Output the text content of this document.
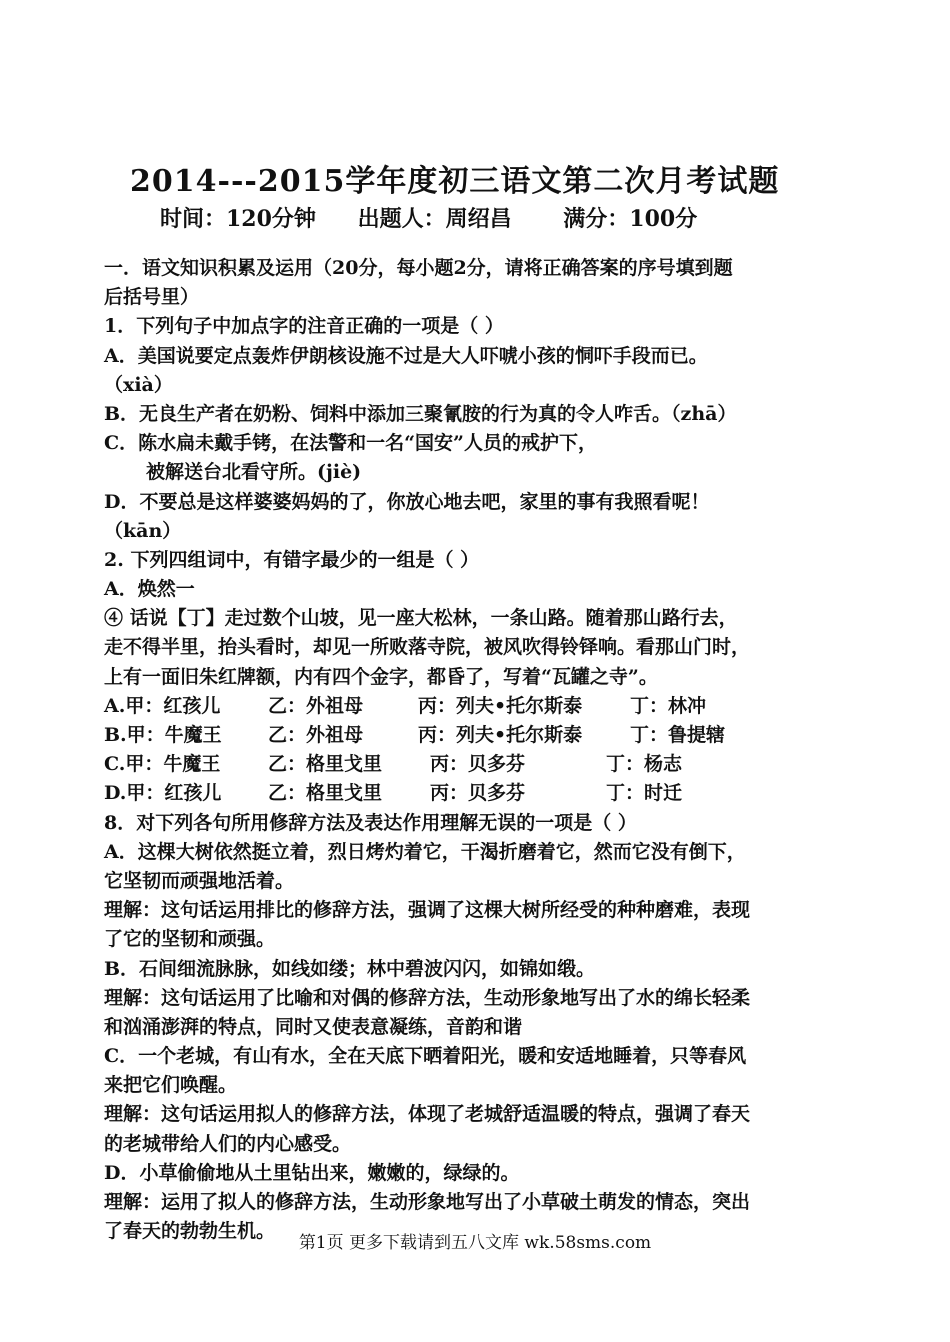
2014---2015学年度初三语文第二次月考试题
时间：120分钟 出题人：周绍昌 满分：100分
一．语文知识积累及运用（20分，每小题2分，请将正确答案的序号填到题
后括号里）
1．下列句子中加点字的注音正确的一项是（ ）
A．美国说要定点轰炸伊朗核设施不过是大人吓唬小孩的恫吓手段而已。
（xià）
B．无良生产者在奶粉、饲料中添加三聚氰胺的行为真的令人咋舌。（zhā）
C．陈水扁未戴手铐，在法警和一名“国安”人员的戒护下，
被解送台北看守所。(jiè)
D．不要总是这样婆婆妈妈的了，你放心地去吧，家里的事有我照看呢！
（kān）
2. 下列四组词中，有错字最少的一组是（ ）
A．焕然一
④ 话说【丁】走过数个山坡，见一座大松林，一条山路。随着那山路行去，
走不得半里，抬头看时，却见一所败落寺院，被风吹得铃铎响。看那山门时，
上有一面旧朱红牌额，内有四个金字，都昏了，写着“瓦罐之寺”。
A.甲：红孩儿	乙：外祖母	丙：列夫•托尔斯泰	丁：林冲
B.甲：牛魔王 乙：外祖母	丙：列夫•托尔斯泰	丁：鲁提辖
C.甲：牛魔王	乙：格里戈里	丙：贝多芬	丁：杨志
D.甲：红孩儿 乙：格里戈里	丙：贝多芬	丁：时迁
8．对下列各句所用修辞方法及表达作用理解无误的一项是（ ）
A．这棵大树依然挺立着，烈日烤灼着它，干渴折磨着它，然而它没有倒下，
它坚韧而顽强地活着。
理解：这句话运用排比的修辞方法，强调了这棵大树所经受的种种磨难，表现
了它的坚韧和顽强。
B．石间细流脉脉，如线如缕；林中碧波闪闪，如锦如缎。
理解：这句话运用了比喻和对偶的修辞方法，生动形象地写出了水的绵长轻柔
和汹涌澎湃的特点，同时又使表意凝练，音韵和谐
C．一个老城，有山有水，全在天底下晒着阳光，暖和安适地睡着，只等春风
来把它们唤醒。
理解：这句话运用拟人的修辞方法，体现了老城舒适温暖的特点，强调了春天
的老城带给人们的内心感受。
D．小草偷偷地从土里钻出来，嫩嫩的，绿绿的。
理解：运用了拟人的修辞方法，生动形象地写出了小草破土萌发的情态，突出
了春天的勃勃生机。
第1页 更多下载请到五八文库 wk.58sms.com
